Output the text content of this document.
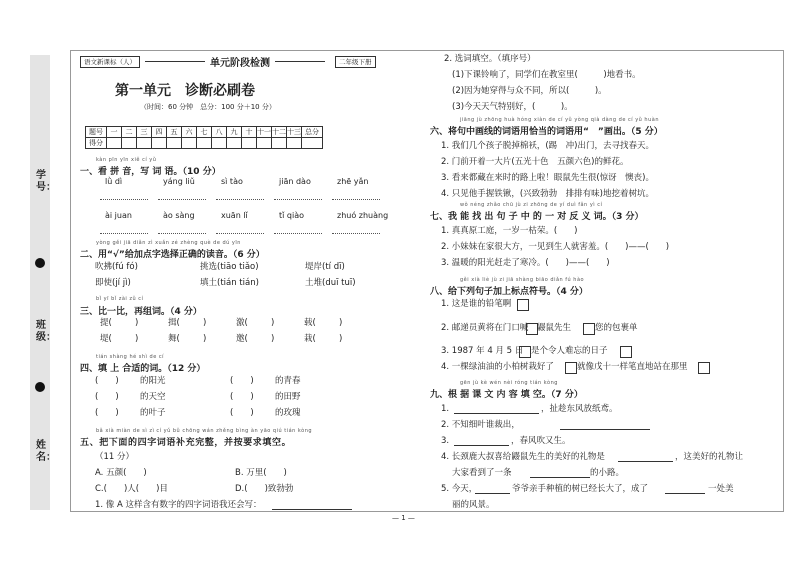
学号：
班级：
姓名：
语文新课标（人）	单元阶段检测	二年级下册
第一单元　诊断必刷卷
（时间：60 分钟　总分：100 分＋10 分）
题号	一	二	三	四	五	六	七	八	九	十	十一	十二	十三	总分
得分														
kàn pīn yīn xiě cí yǔ
一、看 拼 音，写 词 语。（10 分）
lǜ dì	yáng liǔ	sì tào	jiān dào	zhē yǎn
ài juan	ào sàng	xuān lǐ	tǐ qiào	zhuó zhuàng
yòng gěi jiā diǎn zì xuǎn zé zhèng què de dú yīn
二、用“√”给加点字选择正确的读音。（6 分）
吹拂(fú fó)	挑选(tiāo tiǎo)	堤岸(tí dī)
即使(jí jì)	填土(tián tián)	土堆(duī tuī)
bǐ yī bǐ zài zǔ cí
三、比一比，再组词。（4 分）
提(	)	揖(	)	激(	)	载(	)
堤(	)	舞(	)	邀(	)	栽(	)
tián shàng hé shì de cí
四、填 上 合适的词。（12 分）
(　　)	的阳光	(　　)	的青春
(　　)	的天空	(　　)	的田野
(　　)	的叶子	(　　)	的玫瑰
bǎ xià miàn de sì zì cí yǔ bǔ chōng wán zhěng bìng àn yāo qiú tián kòng
五、把下面的四字词语补充完整，并按要求填空。
（11 分）
A. 五颜(　　)	B. 万里(　　)
C.(　　)人(　　)目	D.(　　)致勃勃
1. 像 A 这样含有数字的四字词语我还会写：
2. 选词填空。（填序号）
(1)下课铃响了，同学们在教室里(　　　)地看书。
(2)因为她穿得与众不同，所以(　　　)。
(3)今天天气特别好，(　　　)。
jiāng jù zhōng huà hóng xiàn de cí yǔ yòng qià dàng de cí yǔ huàn
六、将句中画线的词语用恰当的词语用“　”画出。（5 分）
1. 我们几个孩子脱掉棉袄，(踢　冲)出门，去寻找春天。
2. 门前开着一大片(五光十色　五颜六色)的鲜花。
3. 看来都藏在来时的路上啦！眼鼠先生很(惊讶　懊丧)。
4. 只见他手握铁锹，(兴致勃勃　排排有味)地挖着树坑。
wǒ néng zhǎo chū jù zi zhōng de yí duì fǎn yì cí
七、我 能 找 出 句 子 中 的 一 对 反 义 词。（3 分）
1. 真真原工庭，一岁一枯荣。(　　)
2. 小妹妹在家很大方，一见到生人就害羞。(　　)——(　　)
3. 温暖的阳光赶走了寒冷。(　　)——(　　)
gěi xià liè jù zi jiā shàng biāo diǎn fú hào
八、给下列句子加上标点符号。（4 分）
1. 这是谁的铅笔啊
2. 邮递员黄将在门口喊 鼹鼠先生	您的包裹单
3. 1987 年 4 月 5 日 是个令人难忘的日子
4. 一棵绿油油的小柏树栽好了	就像戊十一样笔直地站在那里
gēn jù kè wén nèi róng tián kòng
九、根 据 课 文 内 容 填 空。（7 分）
1.	，扯趁东风放纸鸢。
2. 不知细叶谁裁出，
3.	，春风吹又生。
4. 长颈鹿大叔喜给鼹鼠先生的美好的礼物是	，这美好的礼物让
大家看到了一条	的小路。
5. 今天，	爷爷亲手种植的树已经长大了，成了	一处美
丽的风景。
— 1 —
